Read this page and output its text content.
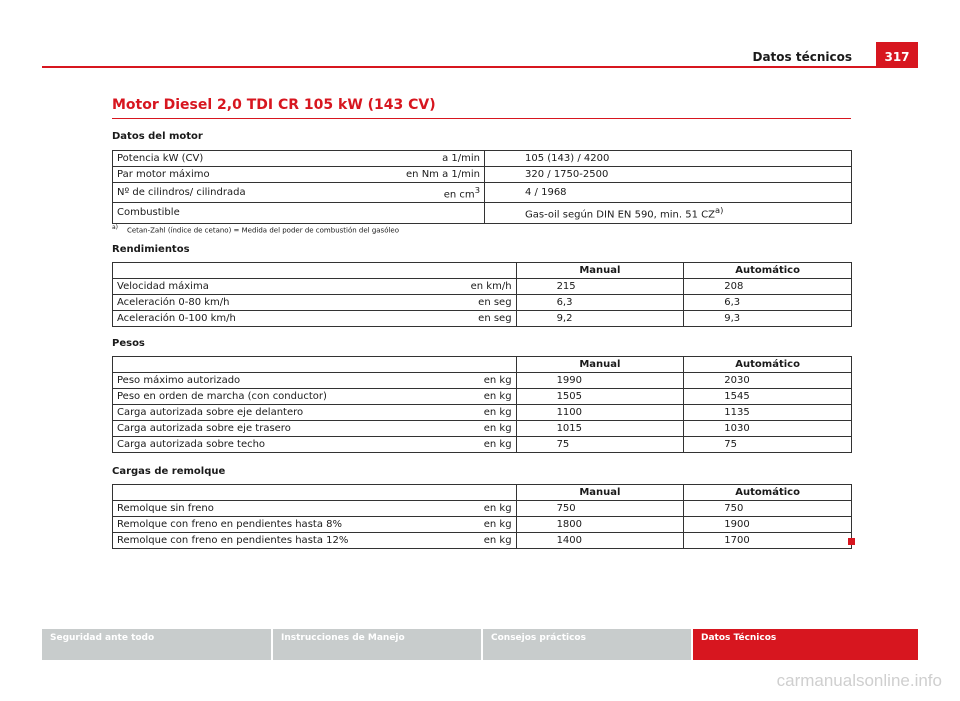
Datos técnicos	317
Motor Diesel 2,0 TDI CR 105 kW (143 CV)
Datos del motor
Potencia kW (CV)	a 1/min	105 (143) / 4200
Par motor máximo	en Nm a 1/min	320 / 1750-2500
Nº de cilindros/ cilindrada	en $cm^3$	4 / 1968
Combustible		Gas-oil según DIN EN 590, min. 51 CZ$^{a)}$
$^{a)}$ Cetan-Zahl (índice de cetano) = Medida del poder de combustión del gasóleo
Rendimientos
		Manual	Automático
Velocidad máxima	en km/h	215	208
Aceleración 0-80 km/h	en seg	6,3	6,3
Aceleración 0-100 km/h	en seg	9,2	9,3
Pesos
		Manual	Automático
Peso máximo autorizado	en kg	1990	2030
Peso en orden de marcha (con conductor)	en kg	1505	1545
Carga autorizada sobre eje delantero	en kg	1100	1135
Carga autorizada sobre eje trasero	en kg	1015	1030
Carga autorizada sobre techo	en kg	75	75
Cargas de remolque
		Manual	Automático
Remolque sin freno	en kg	750	750
Remolque con freno en pendientes hasta 8%	en kg	1800	1900
Remolque con freno en pendientes hasta 12%	en kg	1400	1700
Seguridad ante todo	Instrucciones de Manejo	Consejos prácticos	Datos Técnicos
carmanualsonline.info
